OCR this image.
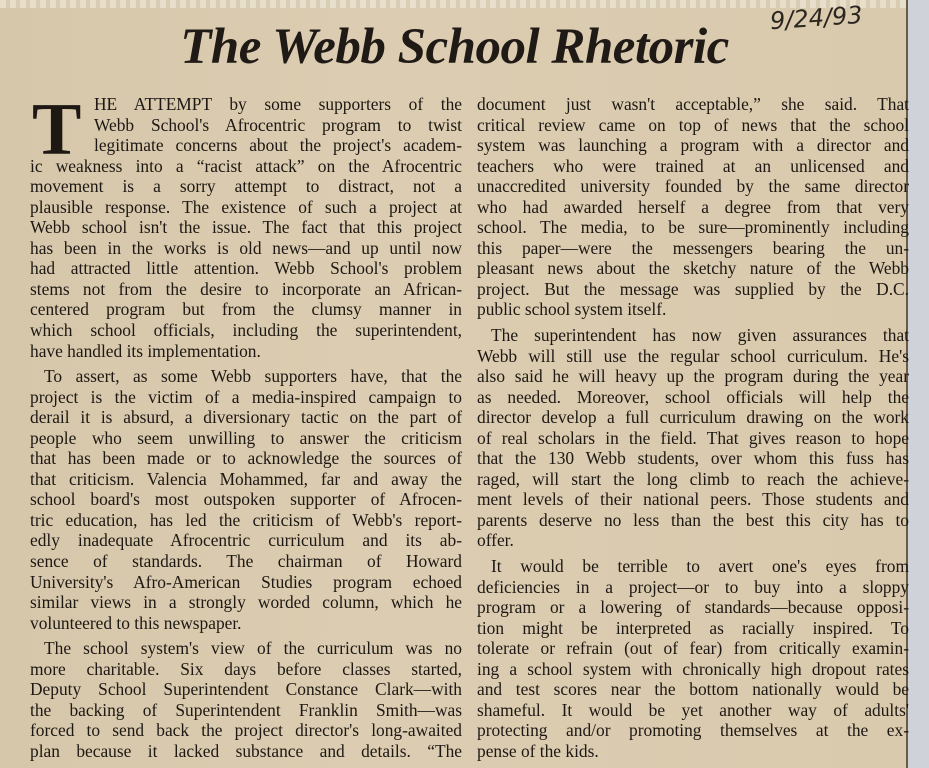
The Webb School Rhetoric
9/24/93
T HE ATTEMPT by some supporters of the
Webb School's Afrocentric program to twist
legitimate concerns about the project's academ-
ic weakness into a “racist attack” on the Afrocentric
movement is a sorry attempt to distract, not a
plausible response. The existence of such a project at
Webb school isn't the issue. The fact that this project
has been in the works is old news—and up until now
had attracted little attention. Webb School's problem
stems not from the desire to incorporate an African-
centered program but from the clumsy manner in
which school officials, including the superintendent,
have handled its implementation.
To assert, as some Webb supporters have, that the
project is the victim of a media-inspired campaign to
derail it is absurd, a diversionary tactic on the part of
people who seem unwilling to answer the criticism
that has been made or to acknowledge the sources of
that criticism. Valencia Mohammed, far and away the
school board's most outspoken supporter of Afrocen-
tric education, has led the criticism of Webb's report-
edly inadequate Afrocentric curriculum and its ab-
sence of standards. The chairman of Howard
University's Afro-American Studies program echoed
similar views in a strongly worded column, which he
volunteered to this newspaper.
The school system's view of the curriculum was no
more charitable. Six days before classes started,
Deputy School Superintendent Constance Clark—with
the backing of Superintendent Franklin Smith—was
forced to send back the project director's long-awaited
plan because it lacked substance and details. “The
document just wasn't acceptable,” she said. That
critical review came on top of news that the school
system was launching a program with a director and
teachers who were trained at an unlicensed and
unaccredited university founded by the same director
who had awarded herself a degree from that very
school. The media, to be sure—prominently including
this paper—were the messengers bearing the un-
pleasant news about the sketchy nature of the Webb
project. But the message was supplied by the D.C.
public school system itself.
The superintendent has now given assurances that
Webb will still use the regular school curriculum. He's
also said he will heavy up the program during the year
as needed. Moreover, school officials will help the
director develop a full curriculum drawing on the work
of real scholars in the field. That gives reason to hope
that the 130 Webb students, over whom this fuss has
raged, will start the long climb to reach the achieve-
ment levels of their national peers. Those students and
parents deserve no less than the best this city has to
offer.
It would be terrible to avert one's eyes from
deficiencies in a project—or to buy into a sloppy
program or a lowering of standards—because opposi-
tion might be interpreted as racially inspired. To
tolerate or refrain (out of fear) from critically examin-
ing a school system with chronically high dropout rates
and test scores near the bottom nationally would be
shameful. It would be yet another way of adults'
protecting and/or promoting themselves at the ex-
pense of the kids.
